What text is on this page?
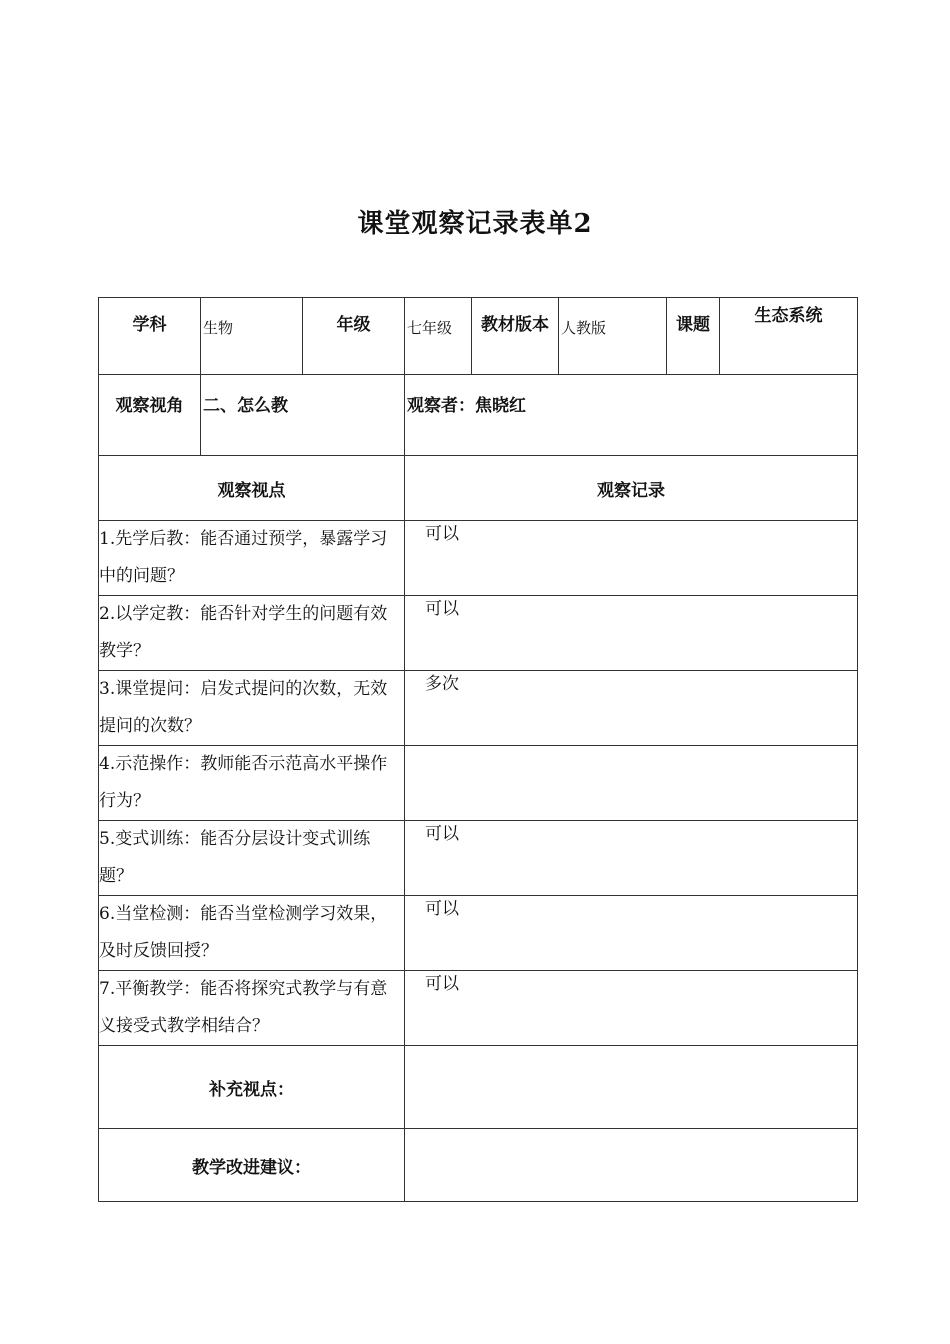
课堂观察记录表单2
学科	生物	年级	七年级	教材版本	人教版	课题	生态系统
观察视角	二、怎么教		观察者：焦晓红				
观察视点			观察记录				
1.先学后教：能否通过预学，暴露学习中的问题？			可以				
2.以学定教：能否针对学生的问题有效教学？			可以				
3.课堂提问：启发式提问的次数，无效提问的次数？			多次				
4.示范操作：教师能否示范高水平操作行为？							
5.变式训练：能否分层设计变式训练题？			可以				
6.当堂检测：能否当堂检测学习效果，及时反馈回授？			可以				
7.平衡教学：能否将探究式教学与有意义接受式教学相结合？			可以				
补充视点：							
教学改进建议：							
